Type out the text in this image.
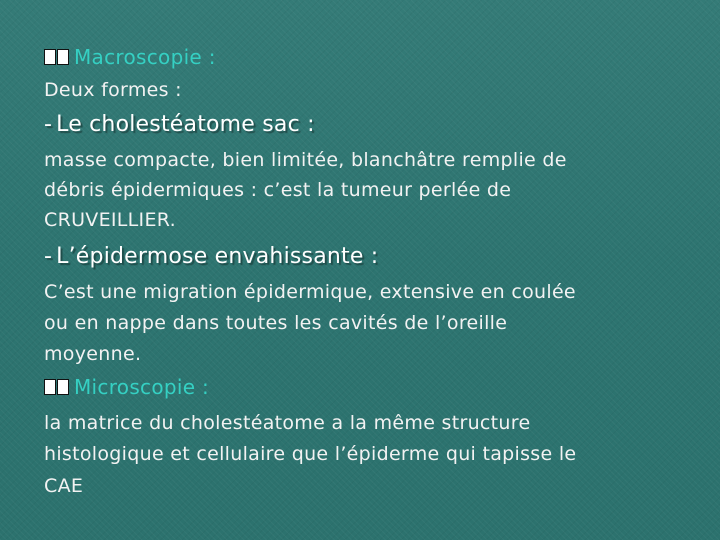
Macroscopie :
Deux formes :
- Le cholestéatome sac :
masse compacte, bien limitée, blanchâtre remplie de
débris épidermiques : c’est la tumeur perlée de
CRUVEILLIER.
- L’épidermose envahissante :
C’est une migration épidermique, extensive en coulée
ou en nappe dans toutes les cavités de l’oreille
moyenne.
Microscopie :
la matrice du cholestéatome a la même structure
histologique et cellulaire que l’épiderme qui tapisse le
CAE
